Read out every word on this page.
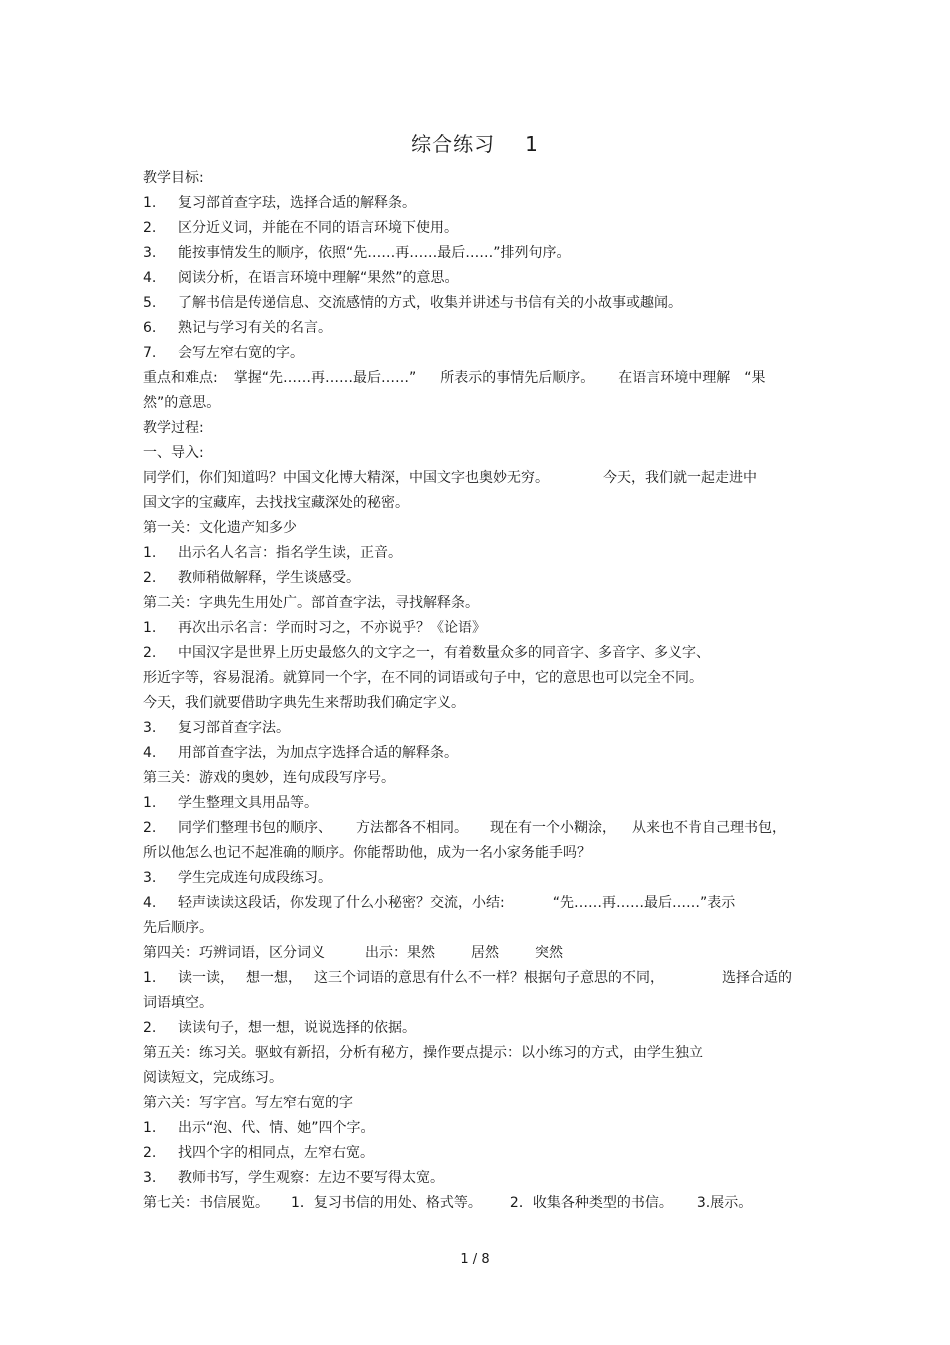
综合练习 1
教学目标:
1. 复习部首查字珐，选择合适的解释条。
2. 区分近义词，并能在不同的语言环境下使用。
3. 能按事情发生的顺序，依照“先……再……最后……”排列句序。
4. 阅读分析，在语言环境中理解“果然”的意思。
5. 了解书信是传递信息、交流感情的方式，收集并讲述与书信有关的小故事或趣闻。
6. 熟记与学习有关的名言。
7. 会写左窄右宽的字。
重点和难点: 掌握“先……再……最后……” 所表示的事情先后顺序。 在语言环境中理解 “果
然”的意思。
教学过程:
一、导入:
同学们，你们知道吗？中国文化博大精深，中国文字也奥妙无穷。	今天，我们就一起走进中
国文字的宝藏库，去找找宝藏深处的秘密。
第一关：文化遗产知多少
1. 出示名人名言：指名学生读，正音。
2. 教师稍做解释，学生谈感受。
第二关：字典先生用处广。部首查字法，寻找解释条。
1. 再次出示名言：学而时习之，不亦说乎？《论语》
2. 中国汉字是世界上历史最悠久的文字之一，有着数量众多的同音字、多音字、多义字、
形近字等，容易混淆。就算同一个字，在不同的词语或句子中，它的意思也可以完全不同。
今天，我们就要借助字典先生来帮助我们确定字义。
3. 复习部首查字法。
4. 用部首查字法，为加点字选择合适的解释条。
第三关：游戏的奥妙，连句成段写序号。
1. 学生整理文具用品等。
2. 同学们整理书包的顺序、 方法都各不相同。 现在有一个小糊涂， 从来也不肯自己理书包，
所以他怎么也记不起准确的顺序。你能帮助他，成为一名小家务能手吗？
3. 学生完成连句成段练习。
4. 轻声读读这段话，你发现了什么小秘密？交流，小结:	“先……再……最后……”表示
先后顺序。
第四关：巧辨词语，区分词义	出示：果然	居然	突然
1. 读一读， 想一想， 这三个词语的意思有什么不一样？根据句子意思的不同，	选择合适的
词语填空。
2. 读读句子，想一想，说说选择的依据。
第五关：练习关。驱蚊有新招，分析有秘方，操作要点提示：以小练习的方式，由学生独立
阅读短文，完成练习。
第六关：写字宫。写左窄右宽的字
1. 出示“泡、代、情、她”四个字。
2. 找四个字的相同点，左窄右宽。
3. 教师书写，学生观察：左边不要写得太宽。
第七关：书信展览。 1．复习书信的用处、格式等。 2．收集各种类型的书信。 3.展示。
1 / 8
